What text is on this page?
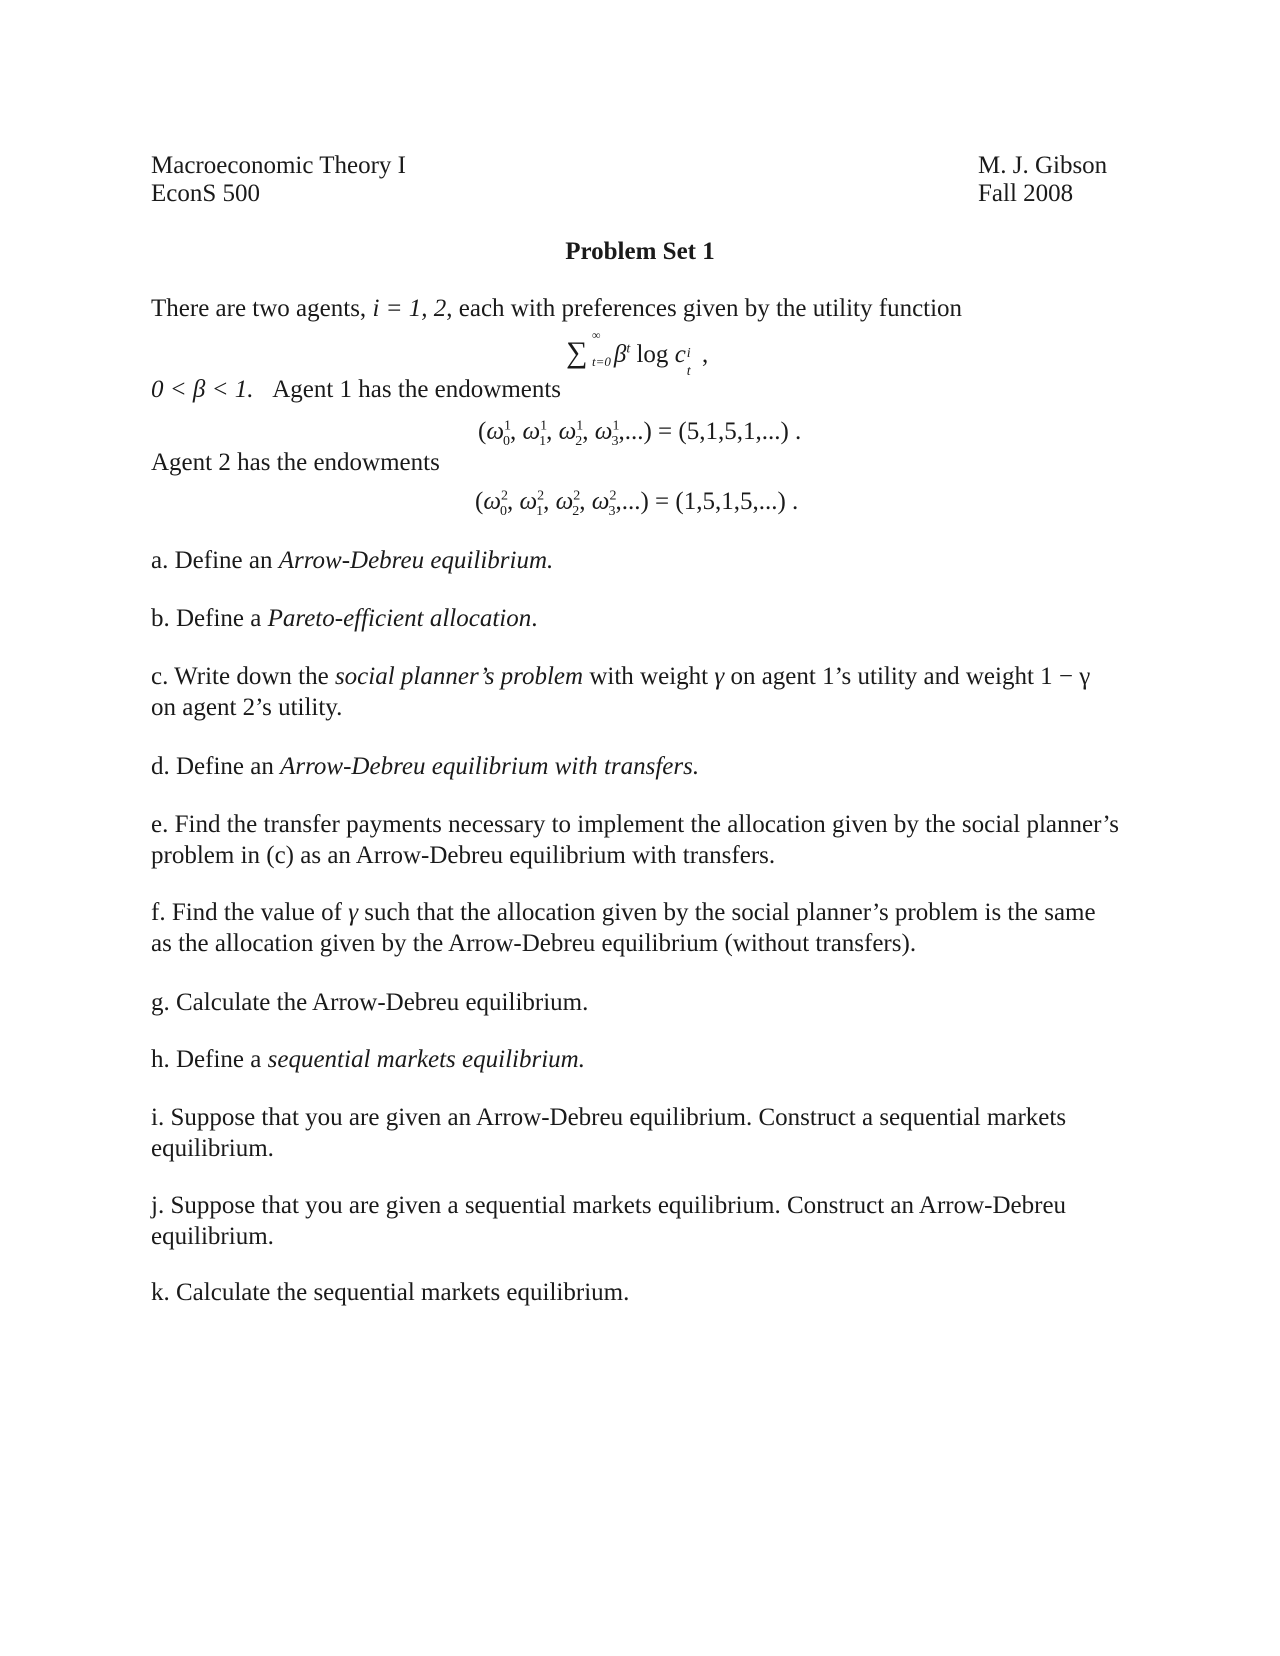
Macroeconomic Theory I
EconS 500
M. J. Gibson
Fall 2008
Problem Set 1
There are two agents, i = 1, 2, each with preferences given by the utility function
∑
∞
t=0 $\beta^t$ log c i
t
,
0 < β < 1. Agent 1 has the endowments
($\omega^1_0$, $\omega^1_1$, $\omega^1_2$, $\omega^1_3,...) = (5,1,5,1,...)$ .
Agent 2 has the endowments
($\omega^2_0$, $\omega^2_1$, $\omega^2_2$, $\omega^2_3,...) = (1,5,1,5,...)$ .
a. Define an Arrow-Debreu equilibrium.
b. Define a Pareto-efficient allocation.
c. Write down the social planner’s problem with weight γ on agent 1’s utility and weight 1 − γ
on agent 2’s utility.
d. Define an Arrow-Debreu equilibrium with transfers.
e. Find the transfer payments necessary to implement the allocation given by the social planner’s
problem in (c) as an Arrow-Debreu equilibrium with transfers.
f. Find the value of γ such that the allocation given by the social planner’s problem is the same
as the allocation given by the Arrow-Debreu equilibrium (without transfers).
g. Calculate the Arrow-Debreu equilibrium.
h. Define a sequential markets equilibrium.
i. Suppose that you are given an Arrow-Debreu equilibrium. Construct a sequential markets
equilibrium.
j. Suppose that you are given a sequential markets equilibrium. Construct an Arrow-Debreu
equilibrium.
k. Calculate the sequential markets equilibrium.
